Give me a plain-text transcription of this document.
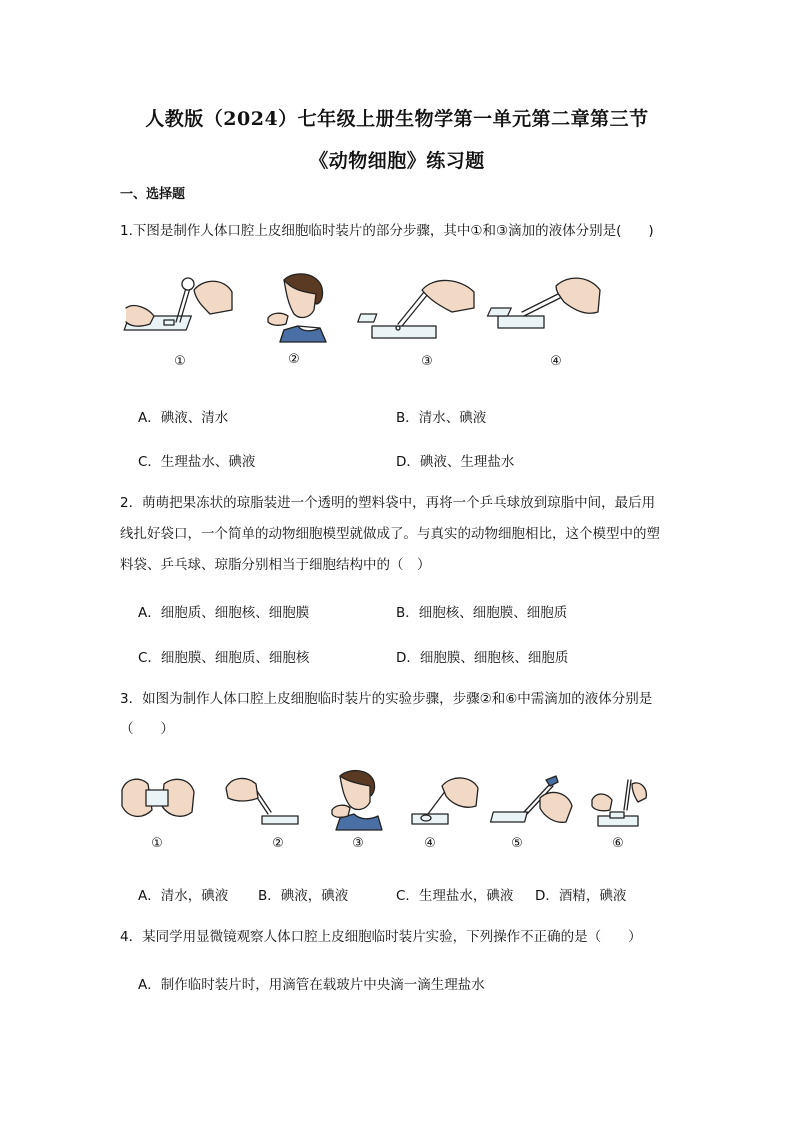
人教版（2024）七年级上册生物学第一单元第二章第三节
《动物细胞》练习题
一、选择题
1.下图是制作人体口腔上皮细胞临时装片的部分步骤，其中①和③滴加的液体分别是(　　)
①	②	③	④
A．碘液、清水	B．清水、碘液
C．生理盐水、碘液	D．碘液、生理盐水
2．萌萌把果冻状的琼脂装进一个透明的塑料袋中，再将一个乒乓球放到琼脂中间，最后用
线扎好袋口，一个简单的动物细胞模型就做成了。与真实的动物细胞相比，这个模型中的塑
料袋、乒乓球、琼脂分别相当于细胞结构中的（　）
A．细胞质、细胞核、细胞膜	B．细胞核、细胞膜、细胞质
C．细胞膜、细胞质、细胞核	D．细胞膜、细胞核、细胞质
3．如图为制作人体口腔上皮细胞临时装片的实验步骤，步骤②和⑥中需滴加的液体分别是
（　　）
①	②	③	④	⑤	⑥
A．清水，碘液 B．碘液，碘液	C．生理盐水，碘液 D．酒精，碘液
4．某同学用显微镜观察人体口腔上皮细胞临时装片实验，下列操作不正确的是（　　）
A．制作临时装片时，用滴管在载玻片中央滴一滴生理盐水
